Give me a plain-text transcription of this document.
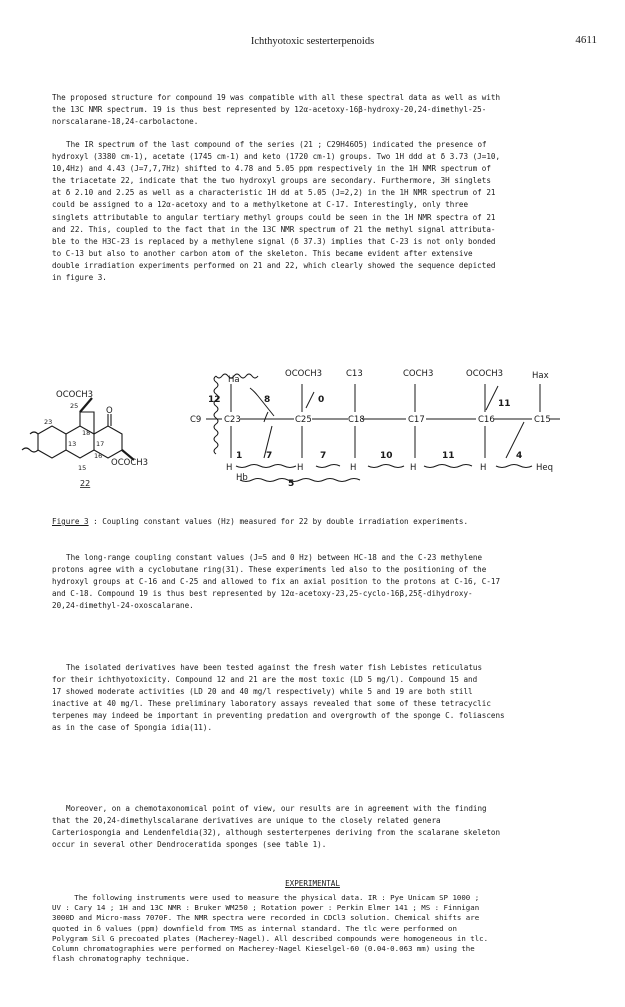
Ichthyotoxic sesterterpenoids	4611
The proposed structure for compound 19 was compatible with all these spectral data as well as with
the 13C NMR spectrum. 19 is thus best represented by 12α-acetoxy-16β-hydroxy-20,24-dimethyl-25-
norscalarane-18,24-carbolactone.
The IR spectrum of the last compound of the series (21 ; C29H46O5) indicated the presence of
hydroxyl (3380 cm-1), acetate (1745 cm-1) and keto (1720 cm-1) groups. Two 1H ddd at δ 3.73 (J=10,
10,4Hz) and 4.43 (J=7,7,7Hz) shifted to 4.78 and 5.05 ppm respectively in the 1H NMR spectrum of
the triacetate 22, indicate that the two hydroxyl groups are secondary. Furthermore, 3H singlets
at δ 2.10 and 2.25 as well as a characteristic 1H dd at 5.05 (J=2,2) in the 1H NMR spectrum of 21
could be assigned to a 12α-acetoxy and to a methylketone at C-17. Interestingly, only three
singlets attributable to angular tertiary methyl groups could be seen in the 1H NMR spectra of 21
and 22. This, coupled to the fact that in the 13C NMR spectrum of 21 the methyl signal attributa-
ble to the H3C-23 is replaced by a methylene signal (δ 37.3) implies that C-23 is not only bonded
to C-13 but also to another carbon atom of the skeleton. This became evident after extensive
double irradiation experiments performed on 21 and 22, which clearly showed the sequence depicted
in figure 3.
OCOCH3
O
OCOCH3
25
23
18
13	17
16
15
22
Ha
OCOCH3	C13	COCH3	OCOCH3	Hax
C9	C23	C25	C18	C17	C16	C15
12	8	0	11
1	7	7	10	11	4
5
H	H	H	H	H
Hb
Heq
Figure 3 : Coupling constant values (Hz) measured for 22 by double irradiation experiments.
The long-range coupling constant values (J=5 and 0 Hz) between HC-18 and the C-23 methylene
protons agree with a cyclobutane ring(31). These experiments led also to the positioning of the
hydroxyl groups at C-16 and C-25 and allowed to fix an axial position to the protons at C-16, C-17
and C-18. Compound 19 is thus best represented by 12α-acetoxy-23,25-cyclo-16β,25ξ-dihydroxy-
20,24-dimethyl-24-oxoscalarane.
The isolated derivatives have been tested against the fresh water fish Lebistes reticulatus
for their ichthyotoxicity. Compound 12 and 21 are the most toxic (LD 5 mg/l). Compound 15 and
17 showed moderate activities (LD 20 and 40 mg/l respectively) while 5 and 19 are both still
inactive at 40 mg/l. These preliminary laboratory assays revealed that some of these tetracyclic
terpenes may indeed be important in preventing predation and overgrowth of the sponge C. foliascens
as in the case of Spongia idia(11).
Moreover, on a chemotaxonomical point of view, our results are in agreement with the finding
that the 20,24-dimethylscalarane derivatives are unique to the closely related genera
Carteriospongia and Lendenfeldia(32), although sesterterpenes deriving from the scalarane skeleton
occur in several other Dendroceratida sponges (see table 1).
EXPERIMENTAL
The following instruments were used to measure the physical data. IR : Pye Unicam SP 1000 ;
UV : Cary 14 ; 1H and 13C NMR : Bruker WM250 ; Rotation power : Perkin Elmer 141 ; MS : Finnigan
3000D and Micro-mass 7070F. The NMR spectra were recorded in CDCl3 solution. Chemical shifts are
quoted in δ values (ppm) downfield from TMS as internal standard. The tlc were performed on
Polygram Sil G precoated plates (Macherey-Nagel). All described compounds were homogeneous in tlc.
Column chromatographies were performed on Macherey-Nagel Kieselgel-60 (0.04-0.063 mm) using the
flash chromatography technique.
